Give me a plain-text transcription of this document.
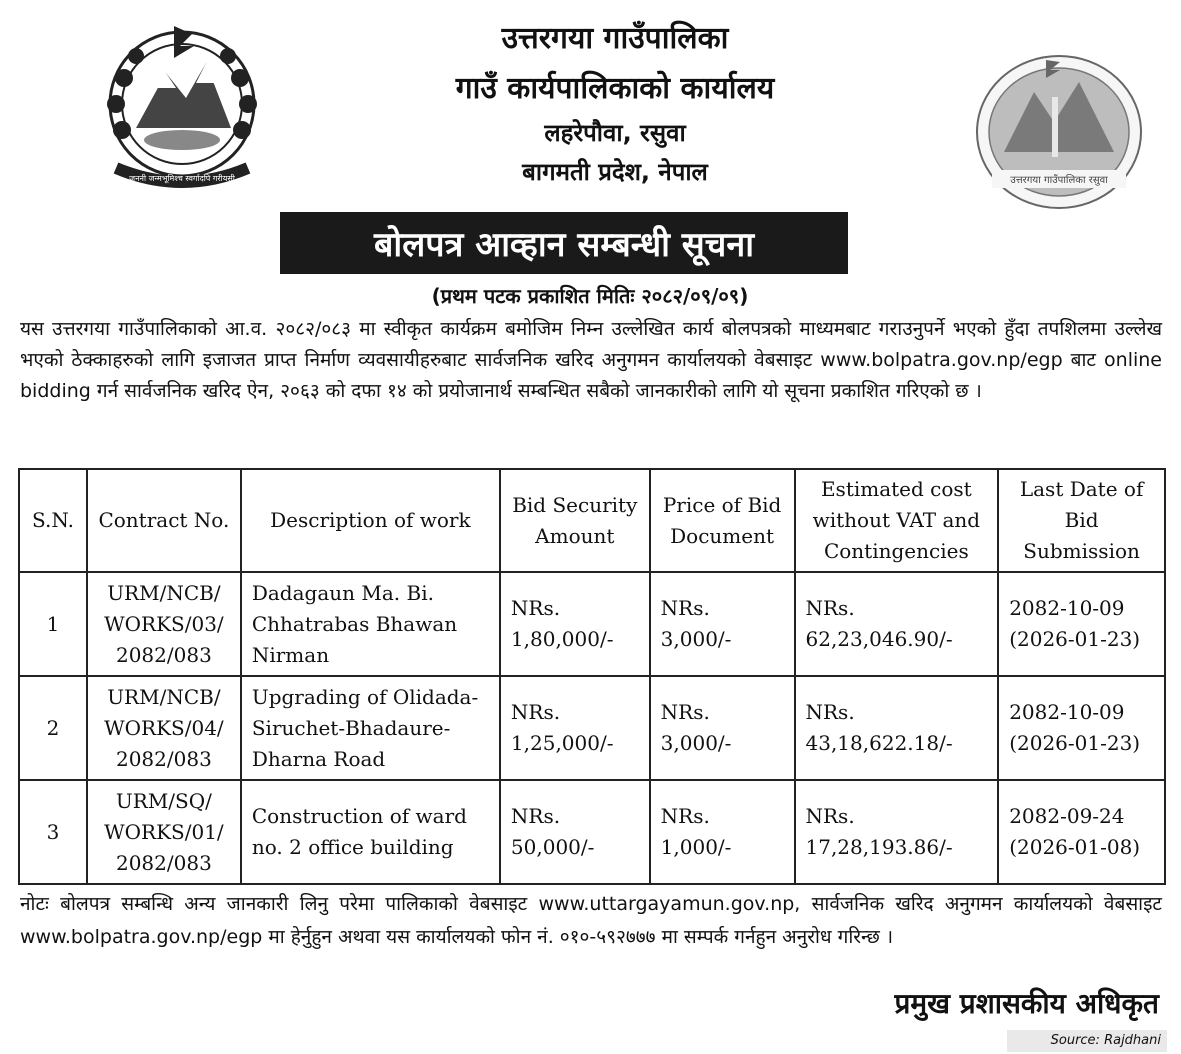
जननी जन्मभूमिश्च स्वर्गादपि गरीयसी	उत्तरगया गाउँपालिका रसुवा
उत्तरगया गाउँपालिका
गाउँ कार्यपालिकाको कार्यालय
लहरेपौवा, रसुवा
बागमती प्रदेश, नेपाल
बोलपत्र आव्हान सम्बन्धी सूचना
(प्रथम पटक प्रकाशित मितिः २०८२/०९/०९)
यस उत्तरगया गाउँपालिकाको आ.व. २०८२/०८३ मा स्वीकृत कार्यक्रम बमोजिम निम्न उल्लेखित कार्य बोलपत्रको माध्यमबाट गराउनुपर्ने भएको हुँदा तपशिलमा उल्लेख भएको ठेक्काहरुको लागि इजाजत प्राप्त निर्माण व्यवसायीहरुबाट सार्वजनिक खरिद अनुगमन कार्यालयको वेबसाइट www.bolpatra.gov.np/egp बाट online bidding गर्न सार्वजनिक खरिद ऐन, २०६३ को दफा १४ को प्रयोजानार्थ सम्बन्धित सबैको जानकारीको लागि यो सूचना प्रकाशित गरिएको छ ।
S.N.	Contract No.	Description of work	Bid Security Amount	Price of Bid Document	Estimated cost without VAT and Contingencies	Last Date of Bid Submission
1	URM/NCB/ WORKS/03/ 2082/083	Dadagaun Ma. Bi. Chhatrabas Bhawan Nirman	NRs. 1,80,000/-	NRs. 3,000/-	NRs. 62,23,046.90/-	2082-10-09 (2026-01-23)
2	URM/NCB/ WORKS/04/ 2082/083	Upgrading of Olidada-Siruchet-Bhadaure-Dharna Road	NRs. 1,25,000/-	NRs. 3,000/-	NRs. 43,18,622.18/-	2082-10-09 (2026-01-23)
3	URM/SQ/ WORKS/01/ 2082/083	Construction of ward no. 2 office building	NRs. 50,000/-	NRs. 1,000/-	NRs. 17,28,193.86/-	2082-09-24 (2026-01-08)
नोटः बोलपत्र सम्बन्धि अन्य जानकारी लिनु परेमा पालिकाको वेबसाइट www.uttargayamun.gov.np, सार्वजनिक खरिद अनुगमन कार्यालयको वेबसाइट www.bolpatra.gov.np/egp मा हेर्नुहुन अथवा यस कार्यालयको फोन नं. ०१०-५९२७७७ मा सम्पर्क गर्नहुन अनुरोध गरिन्छ ।
प्रमुख प्रशासकीय अधिकृत
Source: Rajdhani
